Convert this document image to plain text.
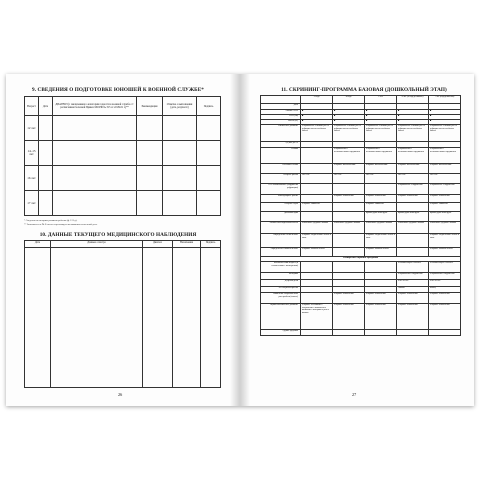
9. СВЕДЕНИЯ О ПОДГОТОВКЕ ЮНОШЕЙ К ВОЕННОЙ СЛУЖБЕ*
Возраст	Дата	ДИАГНОЗ (с заключением о категории годности к военной службе с/с расписанием болезней Приказ МО РФ № 315 от 22.09.01 г.)**	Рекомендации	Отметка о выполнении (дата, результат)	Подпись
12 лет					
14–15 лет					
16 лет					
17 лет					
* Сведения по историю развития ребенка (ф. 112-у).
** Заполняется в № Ф после переосвидетельствования на военной учет.
10. ДАННЫЕ ТЕКУЩЕГО МЕДИЦИНСКОГО НАБЛЮДЕНИЯ
Дата	Данные осмотра	Диагноз	Назначения	Подпись

26
11. СКРИНИНГ-ПРОГРАММА БАЗОВАЯ (ДОШКОЛЬНЫЙ ЭТАП)
	3 года	4 года	5 лет	6 лет (за год до школы)	7 лет (перед школой)
Дата					
Анамнез тест	■	■	■	■	■
Рост (см)	■	■	■	■	■
Масса (кг)	■	■	■	■	■
Физическое развитие	▪ нормальное ▪ низкий рост ▪ дефицит массы ▪ избыток массы	▪ нормальное ▪ низкий рост ▪ дефицит массы ▪ избыток массы	▪ нормальное ▪ низкий рост ▪ дефицит массы ▪ избыток массы	▪ нормальное ▪ низкий рост ▪ дефицит массы ▪ избыток массы	▪ нормальное ▪ низкий рост ▪ дефицит массы ▪ избыток массы
АД мм. рт. ст.					
Осанка		▪ нормальная ▪ незначительные нарушения	▪ нормальная ▪ незначительные нарушения	▪ нормальная ▪ незначительные нарушения	▪ нормальная ▪ незначительные нарушения
Состояние стопы		▪ норма ▪ плоскостопие	▪ норма ▪ плоскостопие	▪ норма ▪ плоскостопие	▪ норма ▪ плоскостопие
Острота зрения	OD: OS:	OD: OS:	OD: OS:	OD: OS:	OD: OS:
Тест Малиновского (нарушения рефракции)				▪ нормальное ▪ нарушения	▪ нормальное ▪ нарушения
Бинокулярное зрение		▪ норма ▪ отклонения	▪ норма ▪ отклонения	▪ норма ▪ отклонения	▪ норма ▪ отклонения
Острота слуха	▪ норма ▪ снижение		▪ норма ▪ снижение		▪ норма ▪ снижение
Динамометрия			правая рука левая рука	правая рука левая рука	правая рука левая рука
Физическая подготовленность	▪ высокая ▪ средняя ▪ низкая	▪ высокая ▪ средняя ▪ низкая	▪ высокая ▪ средняя ▪ низкая	▪ высокая ▪ средняя ▪ низкая	▪ высокая ▪ средняя ▪ низкая
Определение белка в моче	▪ норма ▪ следы белка ▪ белок в моче		▪ норма ▪ следы белка ▪ белок в моче		▪ норма ▪ следы белка ▪ белок в моче
Определение глюкозы в моче	▪ норма ▪ глюкоза в моче		▪ норма ▪ глюкоза в моче		▪ норма ▪ глюкоза в моче
Расширенная скрининг-программа					
Биологический возраст (в соответствии с паспортным)				▪ соответствует ▪ отстает	▪ соответствует ▪ отстает
Моторика				▪ нормальная ▪ нарушения	▪ нормальная ▪ нарушения
Дефекты речи				▪ нет ▪ есть	▪ нет ▪ есть
Тест Керна-Иерасека				Начало	Конец
Выявление невротических расстройств (анкета)		▪ норма ▪ отклонения	▪ норма ▪ отклонения	▪ норма ▪ отклонения	▪ норма ▪ отклонения
Нервно-психическое развитие	▪ норма ▪ отставание ▪ опережение ▪ мышление ▪ внимание ▪ моторика ▪ речь ▪ память	▪ норма ▪ отклонения	▪ норма ▪ отклонения	▪ норма ▪ отклонения	▪ норма ▪ отклонения
Группа здоровья					
27
